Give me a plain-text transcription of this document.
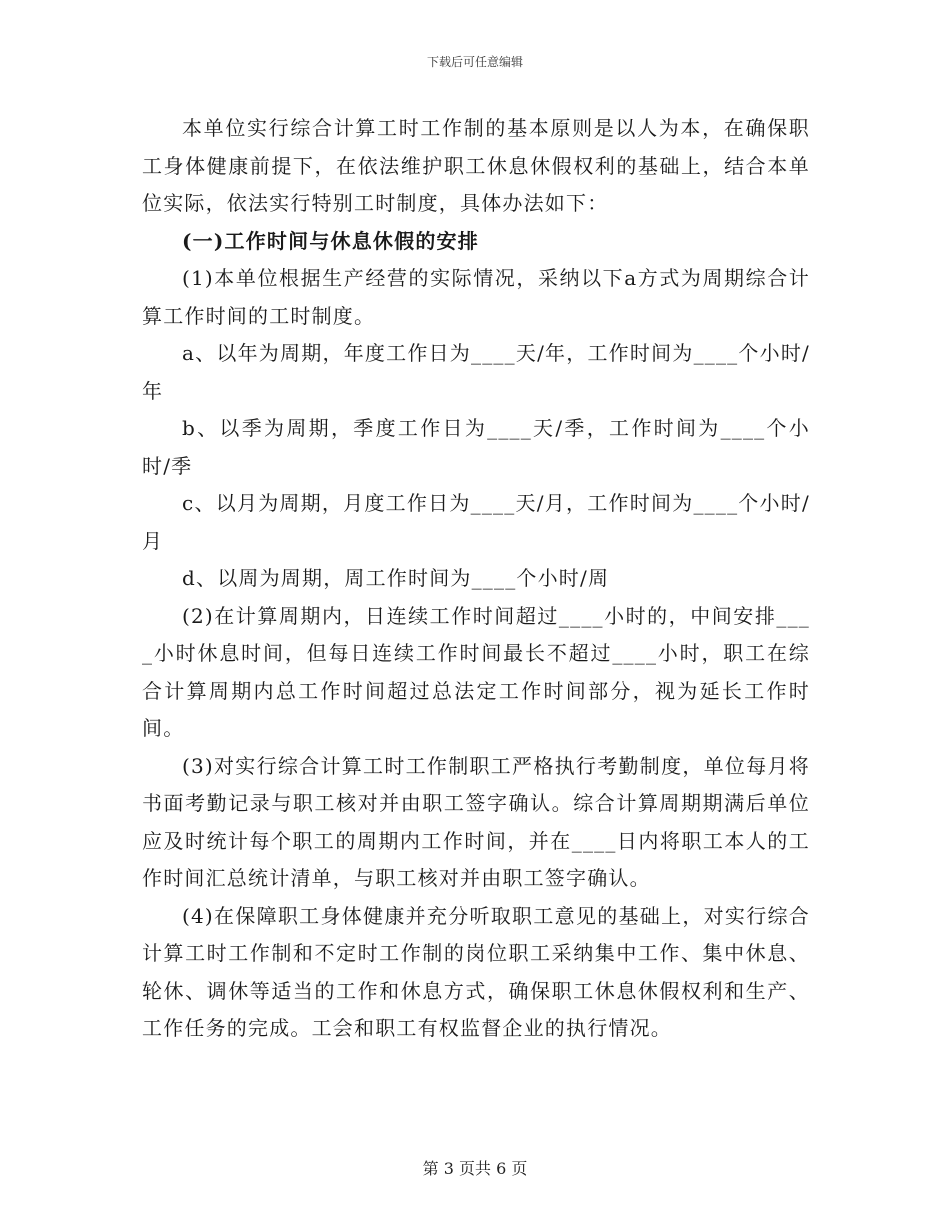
下载后可任意编辑

本单位实行综合计算工时工作制的基本原则是以人为本，在确保职工身体健康前提下，在依法维护职工休息休假权利的基础上，结合本单位实际，依法实行特别工时制度，具体办法如下：

(一)工作时间与休息休假的安排

(1)本单位根据生产经营的实际情况，采纳以下a方式为周期综合计算工作时间的工时制度。

a、以年为周期，年度工作日为____天/年，工作时间为____个小时/年

b、以季为周期，季度工作日为____天/季，工作时间为____个小时/季

c、以月为周期，月度工作日为____天/月，工作时间为____个小时/月

d、以周为周期，周工作时间为____个小时/周

(2)在计算周期内，日连续工作时间超过____小时的，中间安排____小时休息时间，但每日连续工作时间最长不超过____小时，职工在综合计算周期内总工作时间超过总法定工作时间部分，视为延长工作时间。

(3)对实行综合计算工时工作制职工严格执行考勤制度，单位每月将书面考勤记录与职工核对并由职工签字确认。综合计算周期期满后单位应及时统计每个职工的周期内工作时间，并在____日内将职工本人的工作时间汇总统计清单，与职工核对并由职工签字确认。

(4)在保障职工身体健康并充分听取职工意见的基础上，对实行综合计算工时工作制和不定时工作制的岗位职工采纳集中工作、集中休息、轮休、调休等适当的工作和休息方式，确保职工休息休假权利和生产、工作任务的完成。工会和职工有权监督企业的执行情况。

第 3 页共 6 页
